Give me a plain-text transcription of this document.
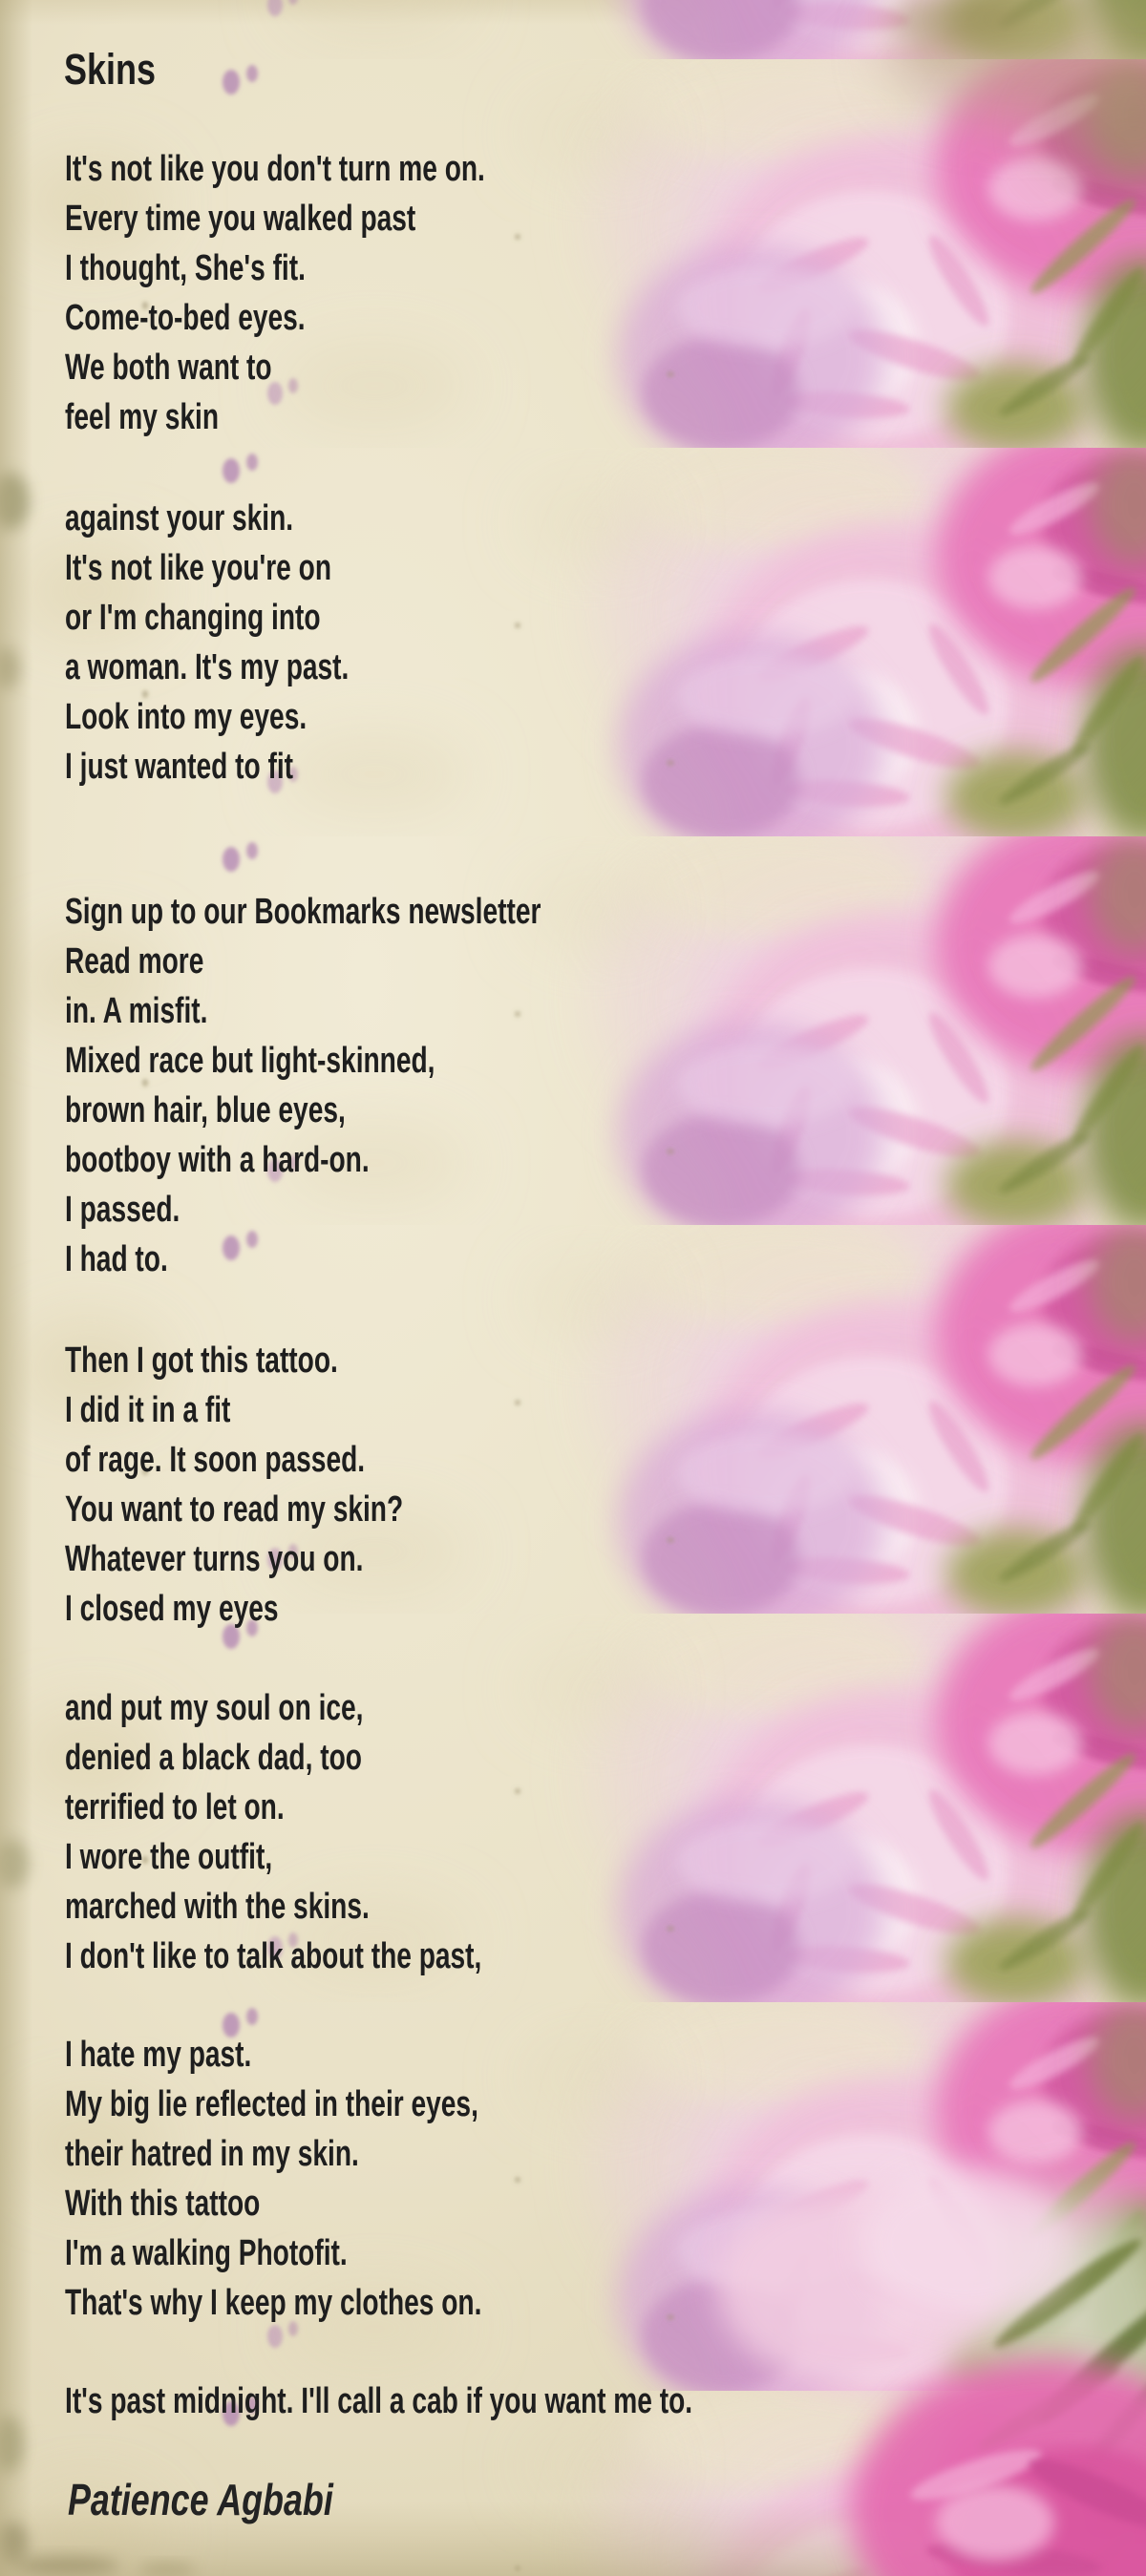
Skins
It's not like you don't turn me on.
Every time you walked past
I thought, She's fit.
Come-to-bed eyes.
We both want to
feel my skin
against your skin.
It's not like you're on
or I'm changing into
a woman. It's my past.
Look into my eyes.
I just wanted to fit
Sign up to our Bookmarks newsletter
Read more
in. A misfit.
Mixed race but light-skinned,
brown hair, blue eyes,
bootboy with a hard-on.
I passed.
I had to.
Then I got this tattoo.
I did it in a fit
of rage. It soon passed.
You want to read my skin?
Whatever turns you on.
I closed my eyes
and put my soul on ice,
denied a black dad, too
terrified to let on.
I wore the outfit,
marched with the skins.
I don't like to talk about the past,
I hate my past.
My big lie reflected in their eyes,
their hatred in my skin.
With this tattoo
I'm a walking Photofit.
That's why I keep my clothes on.
It's past midnight. I'll call a cab if you want me to.
Patience Agbabi
